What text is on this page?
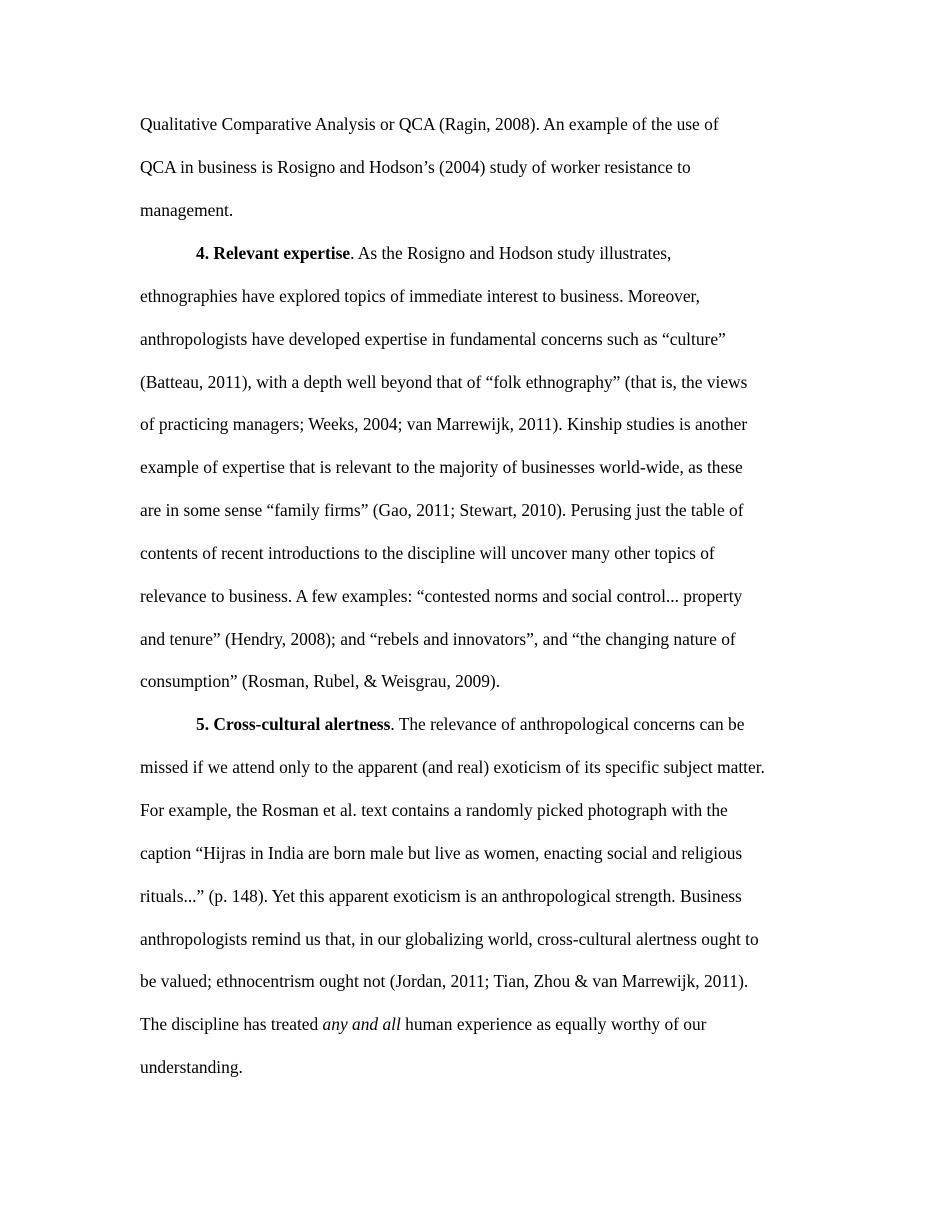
Qualitative Comparative Analysis or QCA (Ragin, 2008). An example of the use of
QCA in business is Rosigno and Hodson’s (2004) study of worker resistance to
management.
4. Relevant expertise. As the Rosigno and Hodson study illustrates,
ethnographies have explored topics of immediate interest to business. Moreover,
anthropologists have developed expertise in fundamental concerns such as “culture”
(Batteau, 2011), with a depth well beyond that of “folk ethnography” (that is, the views
of practicing managers; Weeks, 2004; van Marrewijk, 2011). Kinship studies is another
example of expertise that is relevant to the majority of businesses world-wide, as these
are in some sense “family firms” (Gao, 2011; Stewart, 2010). Perusing just the table of
contents of recent introductions to the discipline will uncover many other topics of
relevance to business. A few examples: “contested norms and social control... property
and tenure” (Hendry, 2008); and “rebels and innovators”, and “the changing nature of
consumption” (Rosman, Rubel, & Weisgrau, 2009).
5. Cross-cultural alertness. The relevance of anthropological concerns can be
missed if we attend only to the apparent (and real) exoticism of its specific subject matter.
For example, the Rosman et al. text contains a randomly picked photograph with the
caption “Hijras in India are born male but live as women, enacting social and religious
rituals...” (p. 148). Yet this apparent exoticism is an anthropological strength. Business
anthropologists remind us that, in our globalizing world, cross-cultural alertness ought to
be valued; ethnocentrism ought not (Jordan, 2011; Tian, Zhou & van Marrewijk, 2011).
The discipline has treated any and all human experience as equally worthy of our
understanding.
